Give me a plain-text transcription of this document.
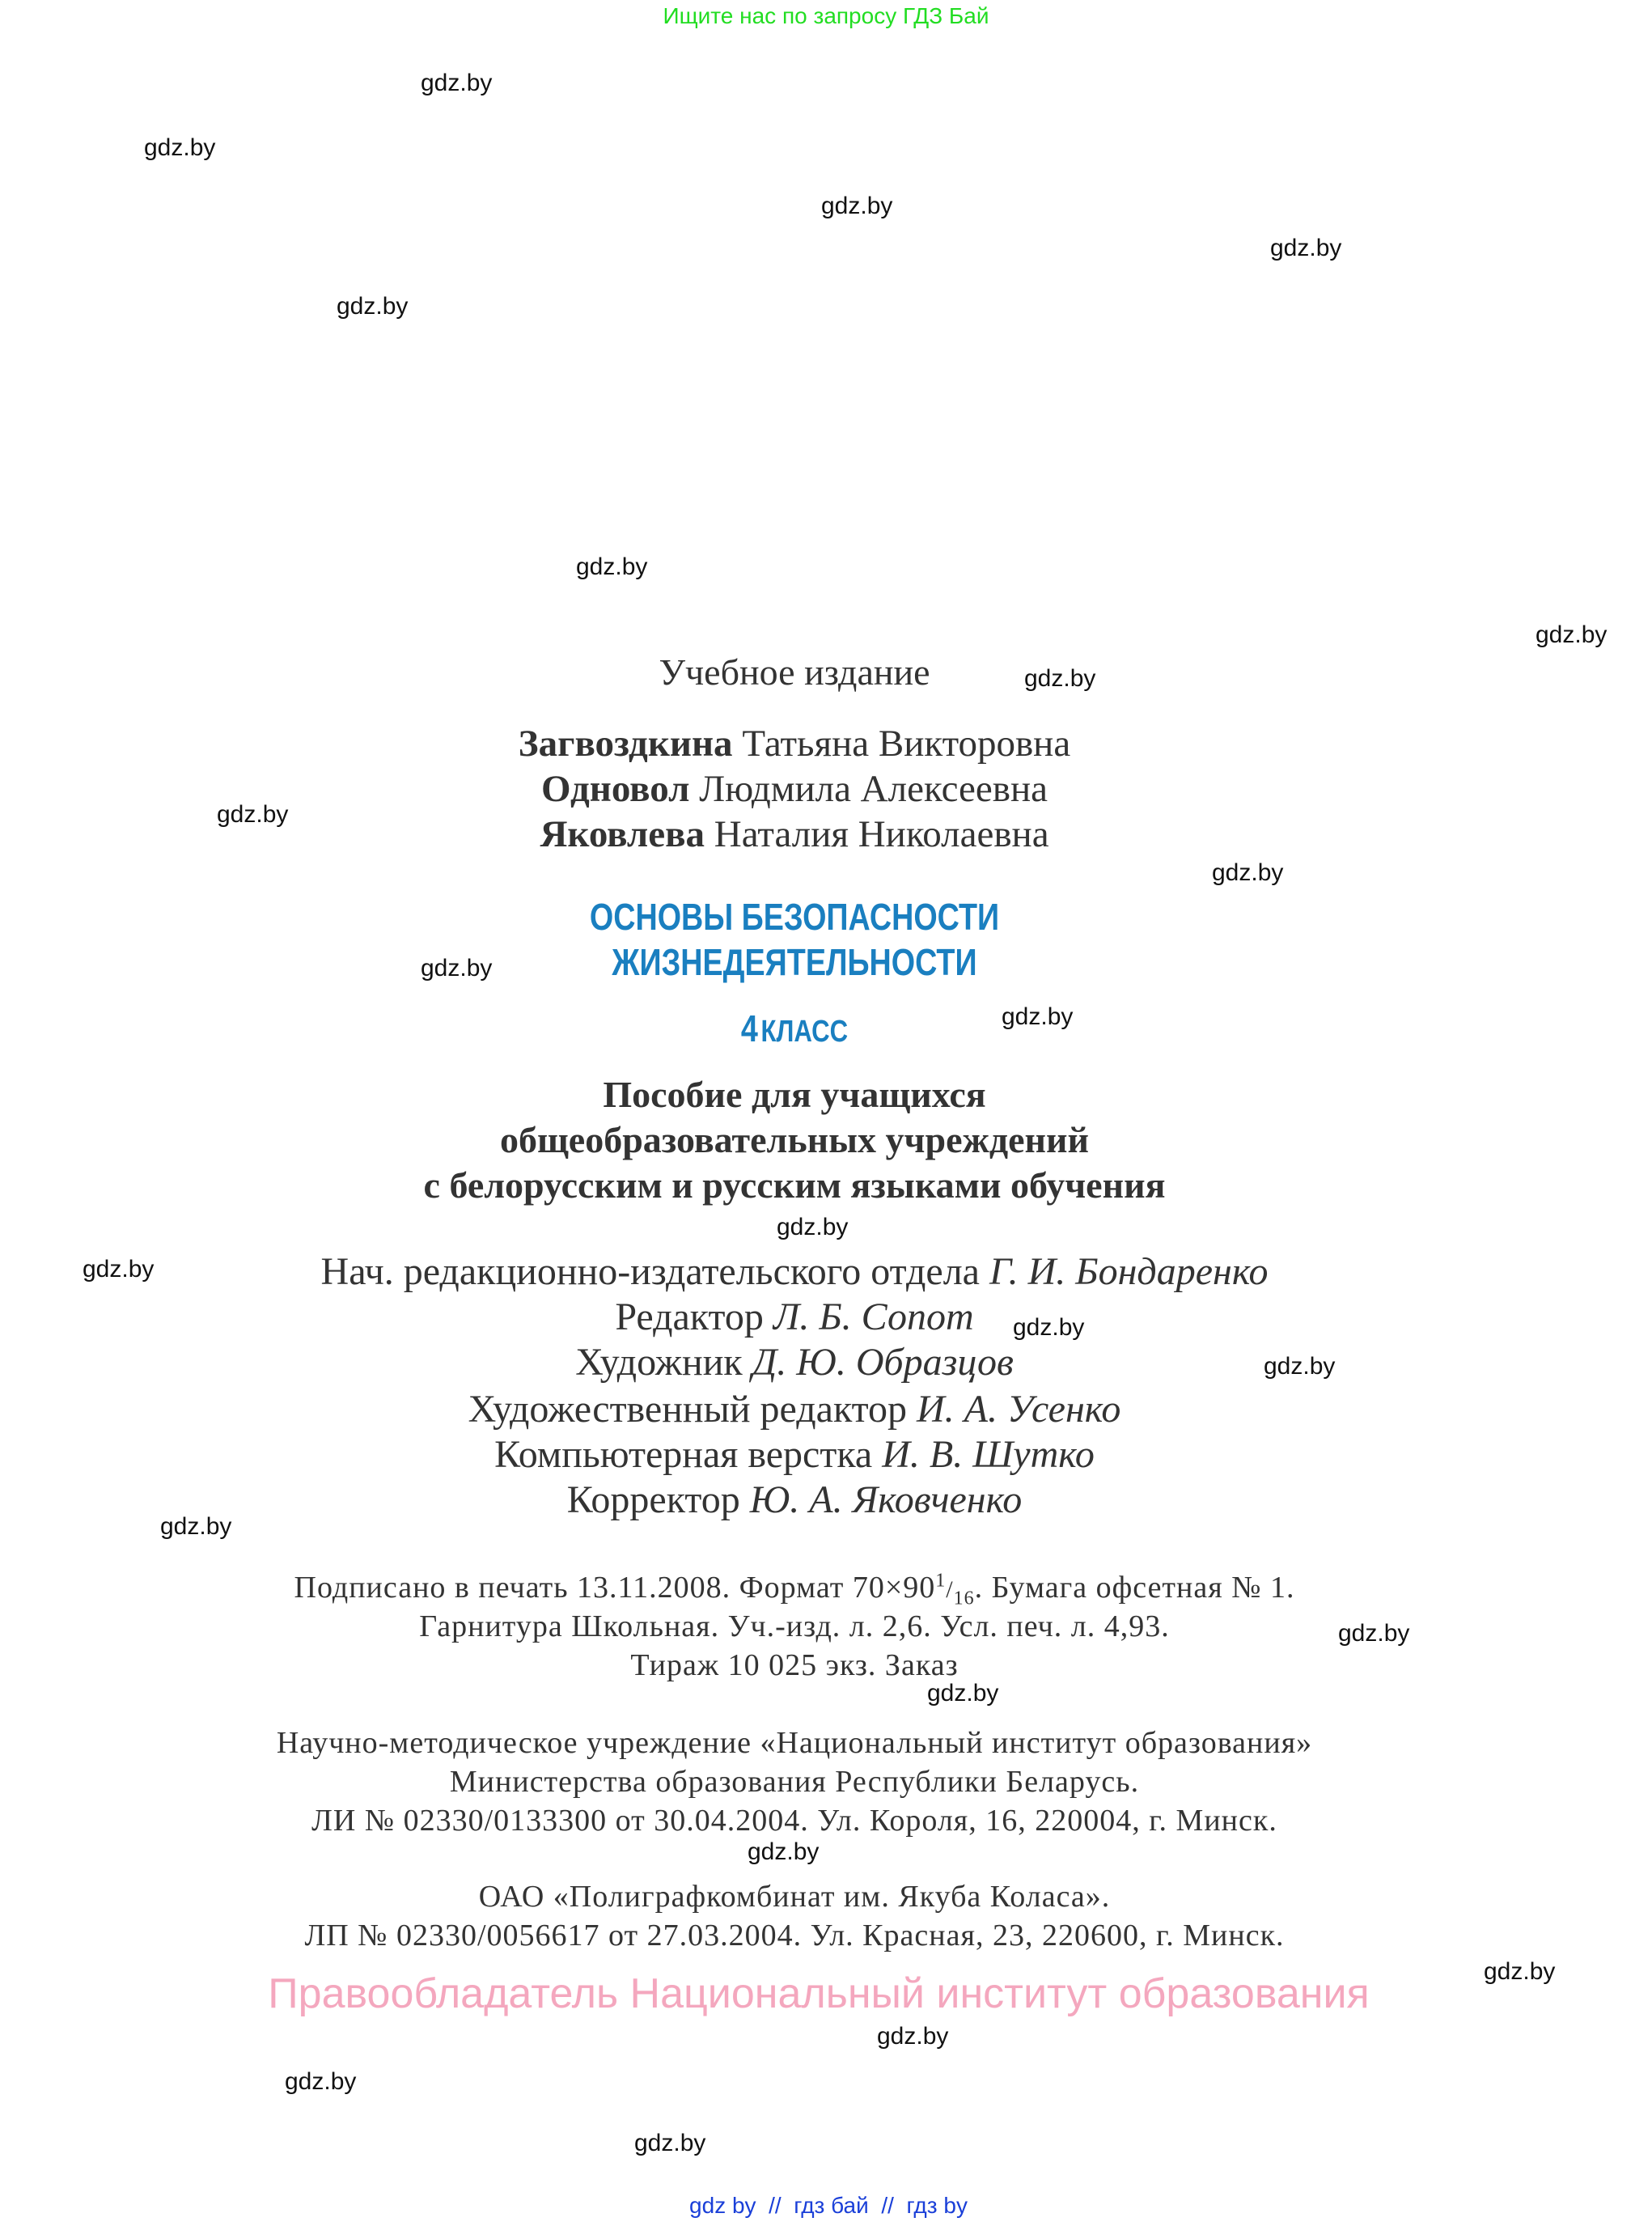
Ищите нас по запросу ГДЗ Бай
gdz.by
gdz.by
gdz.by
gdz.by
gdz.by
gdz.by
gdz.by
gdz.by
gdz.by
gdz.by
gdz.by
gdz.by
gdz.by
gdz.by
gdz.by
gdz.by
gdz.by
gdz.by
gdz.by
gdz.by
gdz.by
gdz.by
gdz.by
gdz.by
Учебное издание
Загвоздкина Татьяна Викторовна
Одновол Людмила Алексеевна
Яковлева Наталия Николаевна
ОСНОВЫ БЕЗОПАСНОСТИ
ЖИЗНЕДЕЯТЕЛЬНОСТИ
4 КЛАСС
Пособие для учащихся
общеобразовательных учреждений
с белорусским и русским языками обучения
Нач. редакционно-издательского отдела Г. И. Бондаренко
Редактор Л. Б. Сопот
Художник Д. Ю. Образцов
Художественный редактор И. А. Усенко
Компьютерная верстка И. В. Шутко
Корректор Ю. А. Яковченко
Подписано в печать 13.11.2008. Формат $70\times 90^1/_{16}$. Бумага офсетная № 1.
Гарнитура Школьная. Уч.-изд. л. 2,6. Усл. печ. л. 4,93.
Тираж 10 025 экз. Заказ
Научно-методическое учреждение «Национальный институт образования»
Министерства образования Республики Беларусь.
ЛИ № 02330/0133300 от 30.04.2004. Ул. Короля, 16, 220004, г. Минск.
ОАО «Полиграфкомбинат им. Якуба Коласа».
ЛП № 02330/0056617 от 27.03.2004. Ул. Красная, 23, 220600, г. Минск.
Правообладатель Национальный институт образования
gdz by // гдз бай // гдз by
